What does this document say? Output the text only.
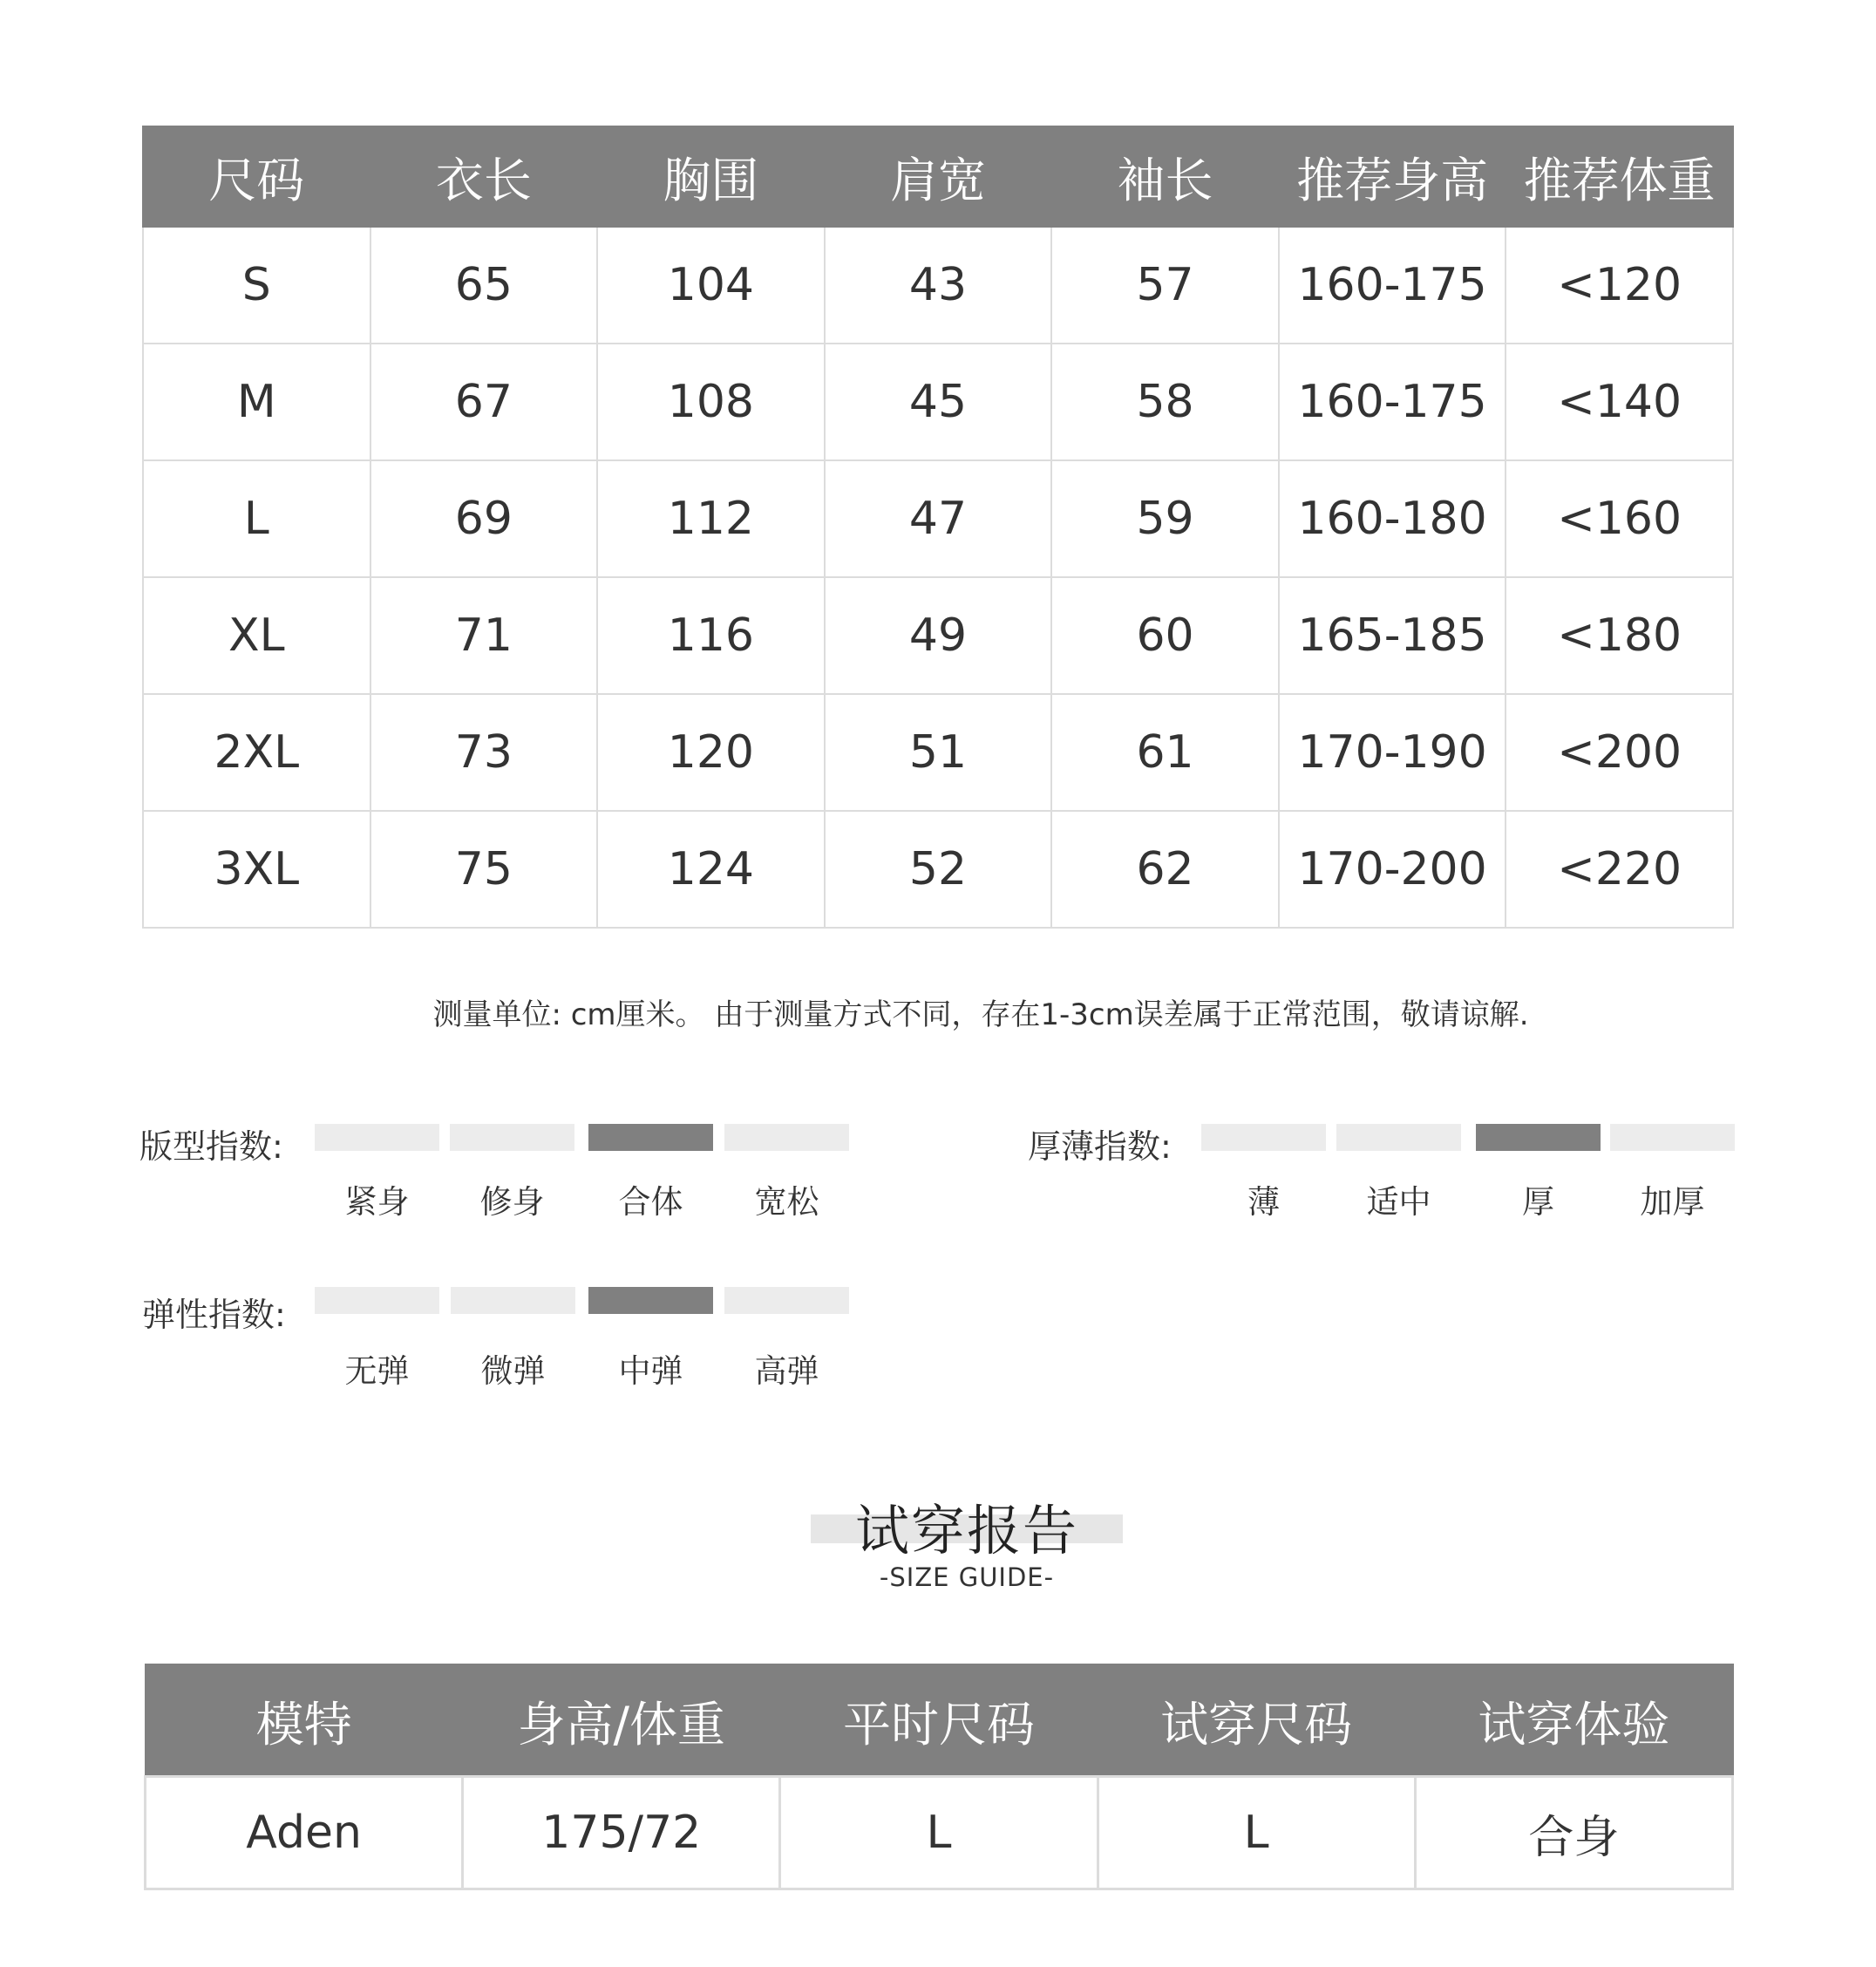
尺码	衣长	胸围	肩宽	袖长	推荐身高	推荐体重
S	65	104	43	57	160-175	<120
M	67	108	45	58	160-175	<140
L	69	112	47	59	160-180	<160
XL	71	116	49	60	165-185	<180
2XL	73	120	51	61	170-190	<200
3XL	75	124	52	62	170-200	<220
测量单位: cm厘米。 由于测量方式不同，存在1-3cm误差属于正常范围，敬请谅解.
版型指数:
紧身	修身	合体	宽松
厚薄指数:
薄	适中	厚	加厚
弹性指数:
无弹	微弹	中弹	高弹
试穿报告
-SIZE GUIDE-
模特	身高/体重	平时尺码	试穿尺码	试穿体验
Aden	175/72	L	L	合身
